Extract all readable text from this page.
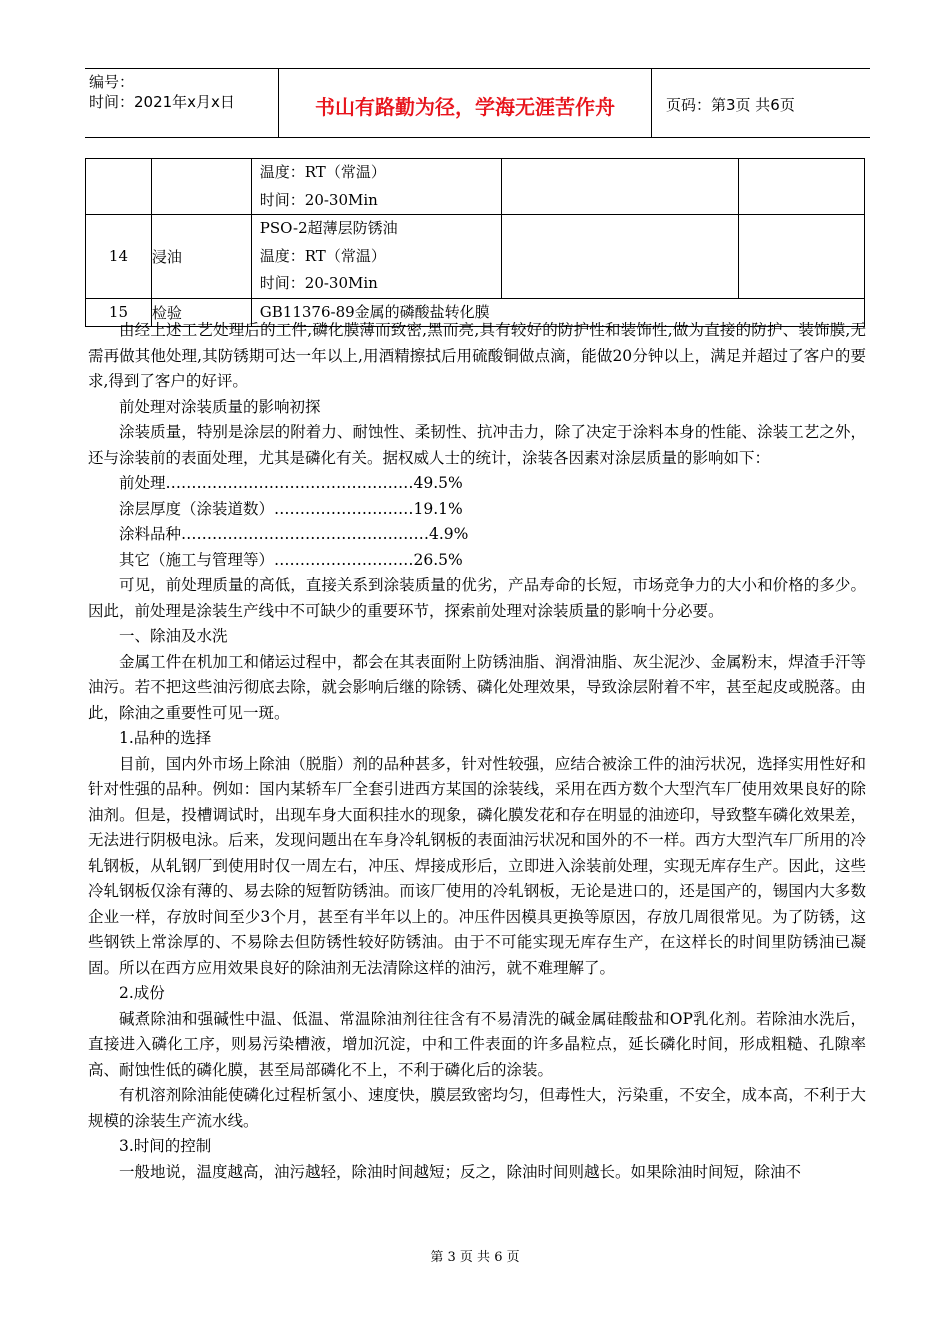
编号：
时间：2021年x月x日	书山有路勤为径，学海无涯苦作舟	页码：第3页 共6页

		温度：RT（常温）
时间：20-30Min		

14	浸油	PSO-2超薄层防锈油
温度：RT（常温）
时间：20-30Min		

15	检验	GB11376-89金属的磷酸盐转化膜		

由经上述工艺处理后的工件,磷化膜薄而致密,黑而亮,具有较好的防护性和装饰性,做为直接的防护、装饰膜,无需再做其他处理,其防锈期可达一年以上,用酒精擦拭后用硫酸铜做点滴，能做20分钟以上，满足并超过了客户的要求,得到了客户的好评。

前处理对涂装质量的影响初探

涂装质量，特别是涂层的附着力、耐蚀性、柔韧性、抗冲击力，除了决定于涂料本身的性能、涂装工艺之外，还与涂装前的表面处理，尤其是磷化有关。据权威人士的统计，涂装各因素对涂层质量的影响如下：

前处理…………………………………………49.5%

涂层厚度（涂装道数）………………………19.1%

涂料品种…………………………………………4.9%

其它（施工与管理等）………………………26.5%

可见，前处理质量的高低，直接关系到涂装质量的优劣，产品寿命的长短，市场竞争力的大小和价格的多少。因此，前处理是涂装生产线中不可缺少的重要环节，探索前处理对涂装质量的影响十分必要。

一、除油及水洗

金属工件在机加工和储运过程中，都会在其表面附上防锈油脂、润滑油脂、灰尘泥沙、金属粉末，焊渣手汗等油污。若不把这些油污彻底去除，就会影响后继的除锈、磷化处理效果，导致涂层附着不牢，甚至起皮或脱落。由此，除油之重要性可见一斑。

1.品种的选择

目前，国内外市场上除油（脱脂）剂的品种甚多，针对性较强，应结合被涂工件的油污状况，选择实用性好和针对性强的品种。例如：国内某轿车厂全套引进西方某国的涂装线，采用在西方数个大型汽车厂使用效果良好的除油剂。但是，投槽调试时，出现车身大面积挂水的现象，磷化膜发花和存在明显的油迹印，导致整车磷化效果差，无法进行阴极电泳。后来，发现问题出在车身冷轧钢板的表面油污状况和国外的不一样。西方大型汽车厂所用的冷轧钢板，从轧钢厂到使用时仅一周左右，冲压、焊接成形后，立即进入涂装前处理，实现无库存生产。因此，这些冷轧钢板仅涂有薄的、易去除的短暂防锈油。而该厂使用的冷轧钢板，无论是进口的，还是国产的，锡国内大多数企业一样，存放时间至少3个月，甚至有半年以上的。冲压件因模具更换等原因，存放几周很常见。为了防锈，这些钢铁上常涂厚的、不易除去但防锈性较好防锈油。由于不可能实现无库存生产，在这样长的时间里防锈油已凝固。所以在西方应用效果良好的除油剂无法清除这样的油污，就不难理解了。

2.成份

碱煮除油和强碱性中温、低温、常温除油剂往往含有不易清洗的碱金属硅酸盐和OP乳化剂。若除油水洗后，直接进入磷化工序，则易污染槽液，增加沉淀，中和工件表面的许多晶粒点，延长磷化时间，形成粗糙、孔隙率高、耐蚀性低的磷化膜，甚至局部磷化不上，不利于磷化后的涂装。

有机溶剂除油能使磷化过程析氢小、速度快，膜层致密均匀，但毒性大，污染重，不安全，成本高，不利于大规模的涂装生产流水线。

3.时间的控制

一般地说，温度越高，油污越轻，除油时间越短；反之，除油时间则越长。如果除油时间短，除油不

第 3 页 共 6 页
